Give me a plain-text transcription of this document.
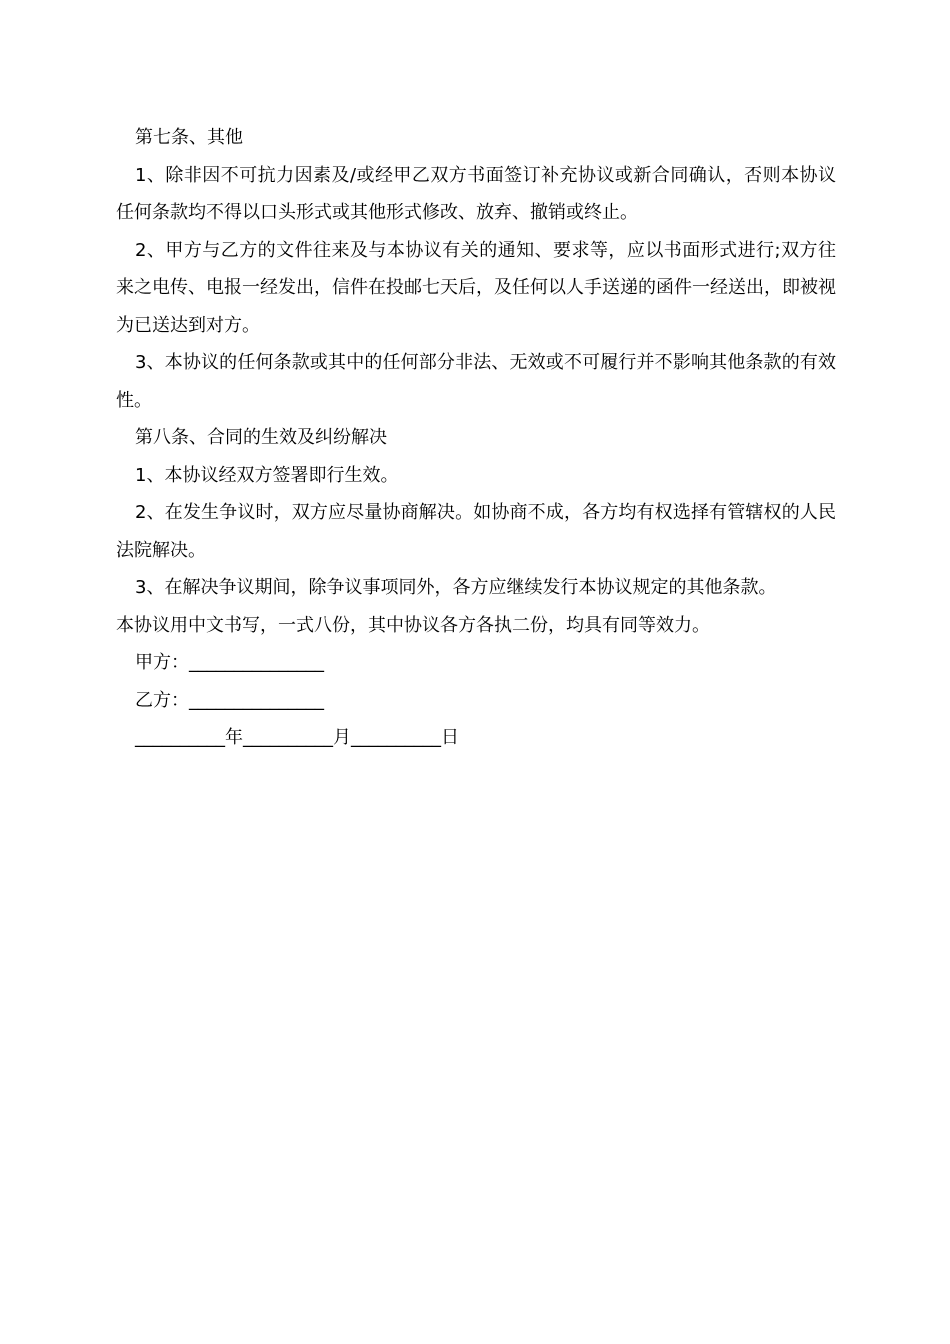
第七条、其他

1、除非因不可抗力因素及/或经甲乙双方书面签订补充协议或新合同确认，否则本协议任何条款均不得以口头形式或其他形式修改、放弃、撤销或终止。

2、甲方与乙方的文件往来及与本协议有关的通知、要求等，应以书面形式进行;双方往来之电传、电报一经发出，信件在投邮七天后，及任何以人手送递的函件一经送出，即被视为已送达到对方。

3、本协议的任何条款或其中的任何部分非法、无效或不可履行并不影响其他条款的有效性。

第八条、合同的生效及纠纷解决

1、本协议经双方签署即行生效。

2、在发生争议时，双方应尽量协商解决。如协商不成，各方均有权选择有管辖权的人民法院解决。

3、在解决争议期间，除争议事项同外，各方应继续发行本协议规定的其他条款。

本协议用中文书写，一式八份，其中协议各方各执二份，均具有同等效力。

甲方：_______________

乙方：_______________

__________年__________月__________日
